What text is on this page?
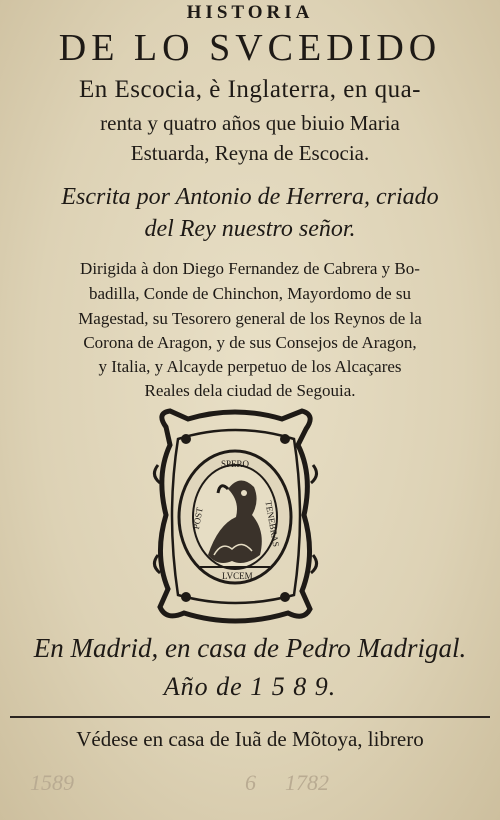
HISTORIA
DE LO SVCEDIDO
En Escocia, è Inglaterra, en qua-
renta y quatro años que biuio Maria
Estuarda, Reyna de Escocia.
Escrita por Antonio de Herrera, criado
del Rey nuestro señor.
Dirigida à don Diego Fernandez de Cabrera y Bo-
badilla, Conde de Chinchon, Mayordomo de su
Magestad, su Tesorero general de los Reynos de la
Corona de Aragon, y de sus Consejos de Aragon,
y Italia, y Alcayde perpetuo de los Alcaçares
Reales dela ciudad de Segouia.
SPERO
TENEBRAS
POST
LVCEM
En Madrid, en casa de Pedro Madrigal.
Año de 1 5 8 9.
Védese en casa de Iuã de Mõtoya, librero
1589	6 1782
